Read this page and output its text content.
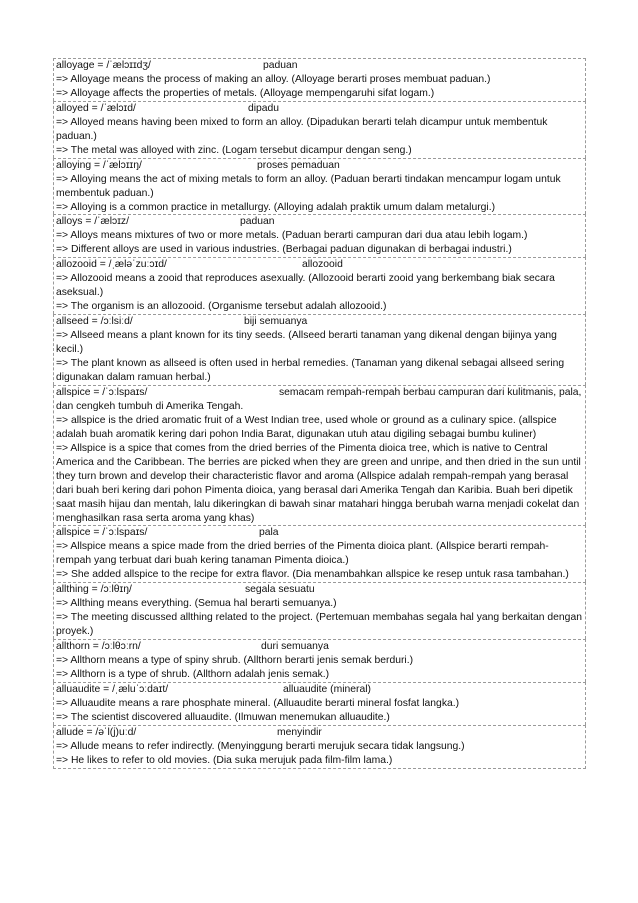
alloyage = /ˈælɔɪɪdʒ/	paduan
=> Alloyage means the process of making an alloy. (Alloyage berarti proses membuat paduan.)
=> Alloyage affects the properties of metals. (Alloyage mempengaruhi sifat logam.)
alloyed = /ˈælɔɪd/	dipadu
=> Alloyed means having been mixed to form an alloy. (Dipadukan berarti telah dicampur untuk membentuk paduan.)
=> The metal was alloyed with zinc. (Logam tersebut dicampur dengan seng.)
alloying = /ˈælɔɪɪŋ/	proses pemaduan
=> Alloying means the act of mixing metals to form an alloy. (Paduan berarti tindakan mencampur logam untuk membentuk paduan.)
=> Alloying is a common practice in metallurgy. (Alloying adalah praktik umum dalam metalurgi.)
alloys = /ˈælɔɪz/	paduan
=> Alloys means mixtures of two or more metals. (Paduan berarti campuran dari dua atau lebih logam.)
=> Different alloys are used in various industries. (Berbagai paduan digunakan di berbagai industri.)
allozooid = /ˌæləˈzuːɔɪd/	allozooid
=> Allozooid means a zooid that reproduces asexually. (Allozooid berarti zooid yang berkembang biak secara aseksual.)
=> The organism is an allozooid. (Organisme tersebut adalah allozooid.)
allseed = /ɔːlsiːd/	biji semuanya
=> Allseed means a plant known for its tiny seeds. (Allseed berarti tanaman yang dikenal dengan bijinya yang kecil.)
=> The plant known as allseed is often used in herbal remedies. (Tanaman yang dikenal sebagai allseed sering digunakan dalam ramuan herbal.)
allspice = /ˈɔːlspaɪs/	semacam rempah-rempah berbau campuran dari kulitmanis, pala, dan cengkeh tumbuh di Amerika Tengah.
=> allspice is the dried aromatic fruit of a West Indian tree, used whole or ground as a culinary spice. (allspice adalah buah aromatik kering dari pohon India Barat, digunakan utuh atau digiling sebagai bumbu kuliner)
=> Allspice is a spice that comes from the dried berries of the Pimenta dioica tree, which is native to Central America and the Caribbean. The berries are picked when they are green and unripe, and then dried in the sun until they turn brown and develop their characteristic flavor and aroma (Allspice adalah rempah-rempah yang berasal dari buah beri kering dari pohon Pimenta dioica, yang berasal dari Amerika Tengah dan Karibia. Buah beri dipetik saat masih hijau dan mentah, lalu dikeringkan di bawah sinar matahari hingga berubah warna menjadi cokelat dan menghasilkan rasa serta aroma yang khas)
allspice = /ˈɔːlspaɪs/	pala
=> Allspice means a spice made from the dried berries of the Pimenta dioica plant. (Allspice berarti rempah-rempah yang terbuat dari buah kering tanaman Pimenta dioica.)
=> She added allspice to the recipe for extra flavor. (Dia menambahkan allspice ke resep untuk rasa tambahan.)
allthing = /ɔːlθɪŋ/	segala sesuatu
=> Allthing means everything. (Semua hal berarti semuanya.)
=> The meeting discussed allthing related to the project. (Pertemuan membahas segala hal yang berkaitan dengan proyek.)
allthorn = /ɔːlθɔːrn/	duri semuanya
=> Allthorn means a type of spiny shrub. (Allthorn berarti jenis semak berduri.)
=> Allthorn is a type of shrub. (Allthorn adalah jenis semak.)
alluaudite = /ˌæluˈɔːdaɪt/	alluaudite (mineral)
=> Alluaudite means a rare phosphate mineral. (Alluaudite berarti mineral fosfat langka.)
=> The scientist discovered alluaudite. (Ilmuwan menemukan alluaudite.)
allude = /əˈl(j)uːd/	menyindir
=> Allude means to refer indirectly. (Menyinggung berarti merujuk secara tidak langsung.)
=> He likes to refer to old movies. (Dia suka merujuk pada film-film lama.)
